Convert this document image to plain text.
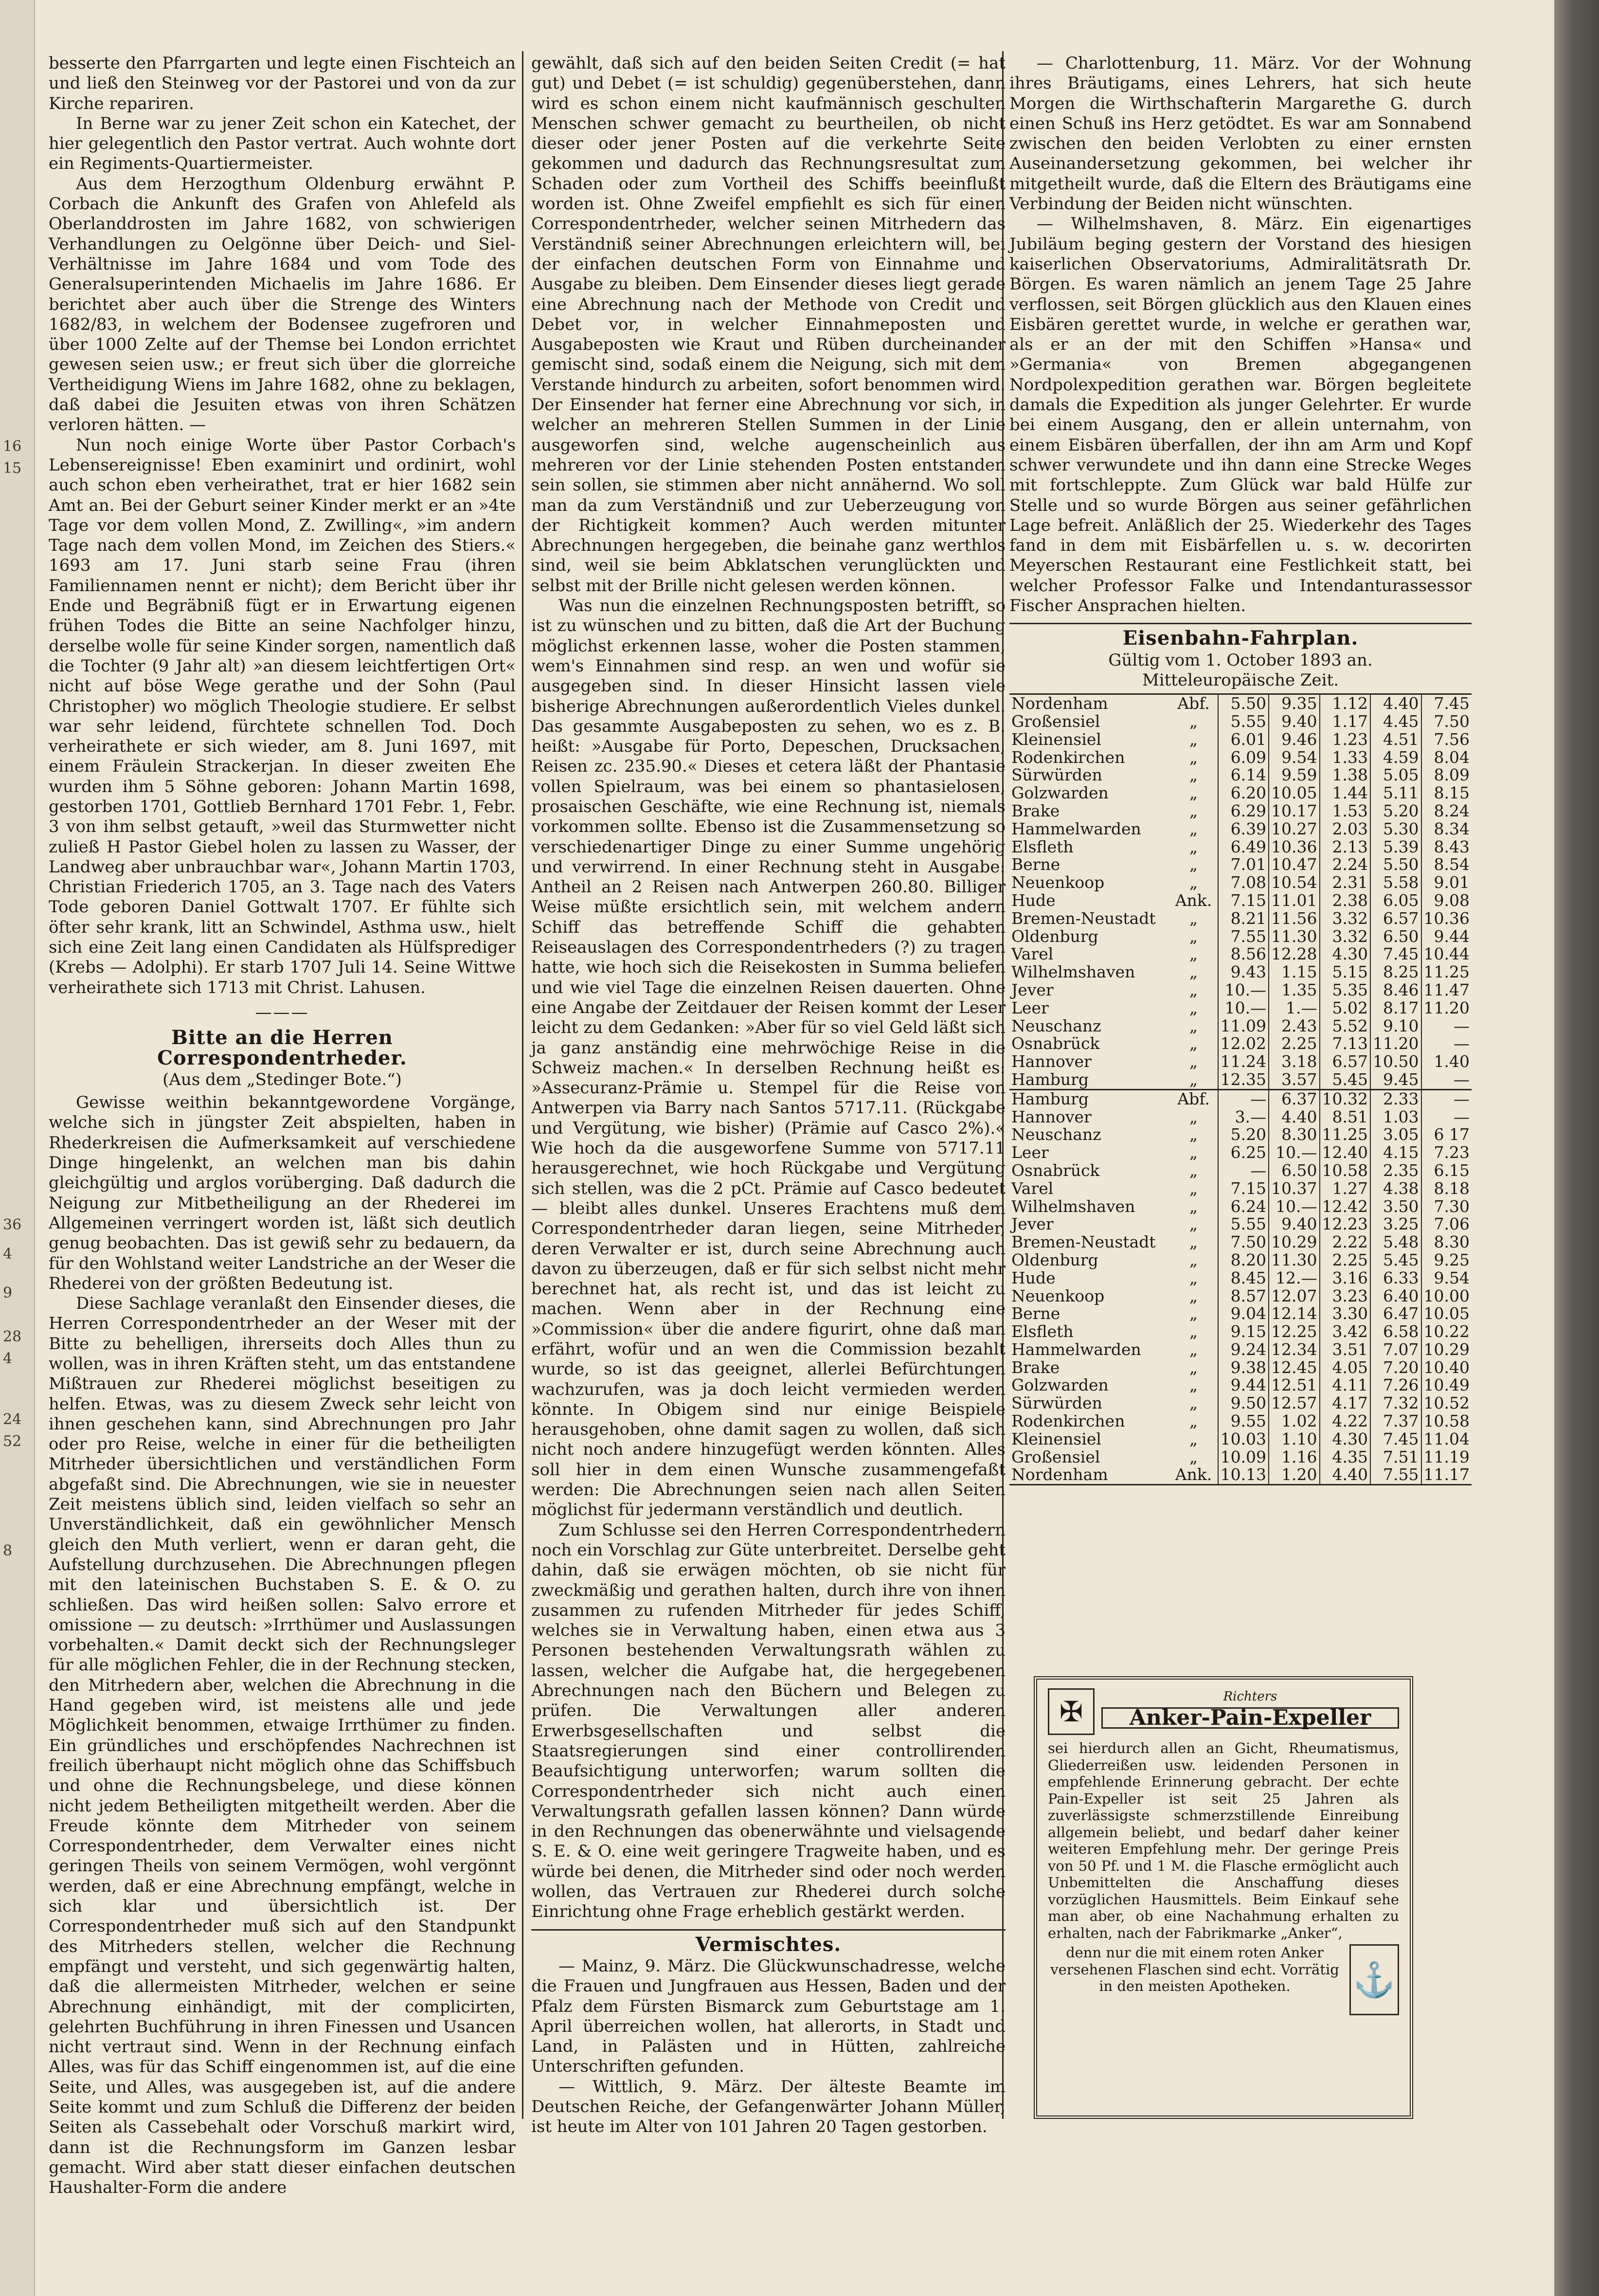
36
4
9
28
4
24
52
8
16
15

besserte den Pfarrgarten und legte einen Fischteich an und ließ den Steinweg vor der Pastorei und von da zur Kirche repariren.

In Berne war zu jener Zeit schon ein Katechet, der hier gelegentlich den Pastor vertrat. Auch wohnte dort ein Regiments-Quartiermeister.

Aus dem Herzogthum Oldenburg erwähnt P. Corbach die Ankunft des Grafen von Ahlefeld als Oberlanddrosten im Jahre 1682, von schwierigen Verhandlungen zu Oelgönne über Deich- und Siel-Verhältnisse im Jahre 1684 und vom Tode des Generalsuperintenden Michaelis im Jahre 1686. Er berichtet aber auch über die Strenge des Winters 1682/83, in welchem der Bodensee zugefroren und über 1000 Zelte auf der Themse bei London errichtet gewesen seien usw.; er freut sich über die glorreiche Vertheidigung Wiens im Jahre 1682, ohne zu beklagen, daß dabei die Jesuiten etwas von ihren Schätzen verloren hätten. —

Nun noch einige Worte über Pastor Corbach's Lebensereignisse! Eben examinirt und ordinirt, wohl auch schon eben verheirathet, trat er hier 1682 sein Amt an. Bei der Geburt seiner Kinder merkt er an »4te Tage vor dem vollen Mond, Z. Zwilling«, »im andern Tage nach dem vollen Mond, im Zeichen des Stiers.« 1693 am 17. Juni starb seine Frau (ihren Familiennamen nennt er nicht); dem Bericht über ihr Ende und Begräbniß fügt er in Erwartung eigenen frühen Todes die Bitte an seine Nachfolger hinzu, derselbe wolle für seine Kinder sorgen, namentlich daß die Tochter (9 Jahr alt) »an diesem leichtfertigen Ort« nicht auf böse Wege gerathe und der Sohn (Paul Christopher) wo möglich Theologie studiere. Er selbst war sehr leidend, fürchtete schnellen Tod. Doch verheirathete er sich wieder, am 8. Juni 1697, mit einem Fräulein Strackerjan. In dieser zweiten Ehe wurden ihm 5 Söhne geboren: Johann Martin 1698, gestorben 1701, Gottlieb Bernhard 1701 Febr. 1, Febr. 3 von ihm selbst getauft, »weil das Sturmwetter nicht zuließ H Pastor Giebel holen zu lassen zu Wasser, der Landweg aber unbrauchbar war«, Johann Martin 1703, Christian Friederich 1705, an 3. Tage nach des Vaters Tode geboren Daniel Gottwalt 1707. Er fühlte sich öfter sehr krank, litt an Schwindel, Asthma usw., hielt sich eine Zeit lang einen Candidaten als Hülfsprediger (Krebs — Adolphi). Er starb 1707 Juli 14. Seine Wittwe verheirathete sich 1713 mit Christ. Lahusen.

———
Bitte an die Herren Correspondentrheder.
(Aus dem „Stedinger Bote.“)

Gewisse weithin bekanntgewordene Vorgänge, welche sich in jüngster Zeit abspielten, haben in Rhederkreisen die Aufmerksamkeit auf verschiedene Dinge hingelenkt, an welchen man bis dahin gleichgültig und arglos vorüberging. Daß dadurch die Neigung zur Mitbetheiligung an der Rhederei im Allgemeinen verringert worden ist, läßt sich deutlich genug beobachten. Das ist gewiß sehr zu bedauern, da für den Wohlstand weiter Landstriche an der Weser die Rhederei von der größten Bedeutung ist.

Diese Sachlage veranlaßt den Einsender dieses, die Herren Correspondentrheder an der Weser mit der Bitte zu behelligen, ihrerseits doch Alles thun zu wollen, was in ihren Kräften steht, um das entstandene Mißtrauen zur Rhederei möglichst beseitigen zu helfen. Etwas, was zu diesem Zweck sehr leicht von ihnen geschehen kann, sind Abrechnungen pro Jahr oder pro Reise, welche in einer für die betheiligten Mitrheder übersichtlichen und verständlichen Form abgefaßt sind. Die Abrechnungen, wie sie in neuester Zeit meistens üblich sind, leiden vielfach so sehr an Unverständlichkeit, daß ein gewöhnlicher Mensch gleich den Muth verliert, wenn er daran geht, die Aufstellung durchzusehen. Die Abrechnungen pflegen mit den lateinischen Buchstaben S. E. & O. zu schließen. Das wird heißen sollen: Salvo errore et omissione — zu deutsch: »Irrthümer und Auslassungen vorbehalten.« Damit deckt sich der Rechnungsleger für alle möglichen Fehler, die in der Rechnung stecken, den Mitrhedern aber, welchen die Abrechnung in die Hand gegeben wird, ist meistens alle und jede Möglichkeit benommen, etwaige Irrthümer zu finden. Ein gründliches und erschöpfendes Nachrechnen ist freilich überhaupt nicht möglich ohne das Schiffsbuch und ohne die Rechnungsbelege, und diese können nicht jedem Betheiligten mitgetheilt werden. Aber die Freude könnte dem Mitrheder von seinem Correspondentrheder, dem Verwalter eines nicht geringen Theils von seinem Vermögen, wohl vergönnt werden, daß er eine Abrechnung empfängt, welche in sich klar und übersichtlich ist. Der Correspondentrheder muß sich auf den Standpunkt des Mitrheders stellen, welcher die Rechnung empfängt und versteht, und sich gegenwärtig halten, daß die allermeisten Mitrheder, welchen er seine Abrechnung einhändigt, mit der complicirten, gelehrten Buchführung in ihren Finessen und Usancen nicht vertraut sind. Wenn in der Rechnung einfach Alles, was für das Schiff eingenommen ist, auf die eine Seite, und Alles, was ausgegeben ist, auf die andere Seite kommt und zum Schluß die Differenz der beiden Seiten als Cassebehalt oder Vorschuß markirt wird, dann ist die Rechnungsform im Ganzen lesbar gemacht. Wird aber statt dieser einfachen deutschen Haushalter-Form die andere

gewählt, daß sich auf den beiden Seiten Credit (= hat gut) und Debet (= ist schuldig) gegenüberstehen, dann wird es schon einem nicht kaufmännisch geschulten Menschen schwer gemacht zu beurtheilen, ob nicht dieser oder jener Posten auf die verkehrte Seite gekommen und dadurch das Rechnungsresultat zum Schaden oder zum Vortheil des Schiffs beeinflußt worden ist. Ohne Zweifel empfiehlt es sich für einen Correspondentrheder, welcher seinen Mitrhedern das Verständniß seiner Abrechnungen erleichtern will, bei der einfachen deutschen Form von Einnahme und Ausgabe zu bleiben. Dem Einsender dieses liegt gerade eine Abrechnung nach der Methode von Credit und Debet vor, in welcher Einnahmeposten und Ausgabeposten wie Kraut und Rüben durcheinander gemischt sind, sodaß einem die Neigung, sich mit dem Verstande hindurch zu arbeiten, sofort benommen wird. Der Einsender hat ferner eine Abrechnung vor sich, in welcher an mehreren Stellen Summen in der Linie ausgeworfen sind, welche augenscheinlich aus mehreren vor der Linie stehenden Posten entstanden sein sollen, sie stimmen aber nicht annähernd. Wo soll man da zum Verständniß und zur Ueberzeugung von der Richtigkeit kommen? Auch werden mitunter Abrechnungen hergegeben, die beinahe ganz werthlos sind, weil sie beim Abklatschen verunglückten und selbst mit der Brille nicht gelesen werden können.

Was nun die einzelnen Rechnungsposten betrifft, so ist zu wünschen und zu bitten, daß die Art der Buchung möglichst erkennen lasse, woher die Posten stammen, wem's Einnahmen sind resp. an wen und wofür sie ausgegeben sind. In dieser Hinsicht lassen viele bisherige Abrechnungen außerordentlich Vieles dunkel. Das gesammte Ausgabeposten zu sehen, wo es z. B. heißt: »Ausgabe für Porto, Depeschen, Drucksachen, Reisen zc. 235.90.« Dieses et cetera läßt der Phantasie vollen Spielraum, was bei einem so phantasielosen, prosaischen Geschäfte, wie eine Rechnung ist, niemals vorkommen sollte. Ebenso ist die Zusammensetzung so verschiedenartiger Dinge zu einer Summe ungehörig und verwirrend. In einer Rechnung steht in Ausgabe: Antheil an 2 Reisen nach Antwerpen 260.80. Billiger Weise müßte ersichtlich sein, mit welchem andern Schiff das betreffende Schiff die gehabten Reiseauslagen des Correspondentrheders (?) zu tragen hatte, wie hoch sich die Reisekosten in Summa beliefen und wie viel Tage die einzelnen Reisen dauerten. Ohne eine Angabe der Zeitdauer der Reisen kommt der Leser leicht zu dem Gedanken: »Aber für so viel Geld läßt sich ja ganz anständig eine mehrwöchige Reise in die Schweiz machen.« In derselben Rechnung heißt es: »Assecuranz-Prämie u. Stempel für die Reise von Antwerpen via Barry nach Santos 5717.11. (Rückgabe und Vergütung, wie bisher) (Prämie auf Casco 2%).« Wie hoch da die ausgeworfene Summe von 5717.11 herausgerechnet, wie hoch Rückgabe und Vergütung sich stellen, was die 2 pCt. Prämie auf Casco bedeutet — bleibt alles dunkel. Unseres Erachtens muß dem Correspondentrheder daran liegen, seine Mitrheder, deren Verwalter er ist, durch seine Abrechnung auch davon zu überzeugen, daß er für sich selbst nicht mehr berechnet hat, als recht ist, und das ist leicht zu machen. Wenn aber in der Rechnung eine »Commission« über die andere figurirt, ohne daß man erfährt, wofür und an wen die Commission bezahlt wurde, so ist das geeignet, allerlei Befürchtungen wachzurufen, was ja doch leicht vermieden werden könnte. In Obigem sind nur einige Beispiele herausgehoben, ohne damit sagen zu wollen, daß sich nicht noch andere hinzugefügt werden könnten. Alles soll hier in dem einen Wunsche zusammengefaßt werden: Die Abrechnungen seien nach allen Seiten möglichst für jedermann verständlich und deutlich.

Zum Schlusse sei den Herren Correspondentrhedern noch ein Vorschlag zur Güte unterbreitet. Derselbe geht dahin, daß sie erwägen möchten, ob sie nicht für zweckmäßig und gerathen halten, durch ihre von ihnen zusammen zu rufenden Mitrheder für jedes Schiff, welches sie in Verwaltung haben, einen etwa aus 3 Personen bestehenden Verwaltungsrath wählen zu lassen, welcher die Aufgabe hat, die hergegebenen Abrechnungen nach den Büchern und Belegen zu prüfen. Die Verwaltungen aller anderen Erwerbsgesellschaften und selbst die Staatsregierungen sind einer controllirenden Beaufsichtigung unterworfen; warum sollten die Correspondentrheder sich nicht auch einen Verwaltungsrath gefallen lassen können? Dann würde in den Rechnungen das obenerwähnte und vielsagende S. E. & O. eine weit geringere Tragweite haben, und es würde bei denen, die Mitrheder sind oder noch werden wollen, das Vertrauen zur Rhederei durch solche Einrichtung ohne Frage erheblich gestärkt werden.

Vermischtes.

— Mainz, 9. März. Die Glückwunschadresse, welche die Frauen und Jungfrauen aus Hessen, Baden und der Pfalz dem Fürsten Bismarck zum Geburtstage am 1. April überreichen wollen, hat allerorts, in Stadt und Land, in Palästen und in Hütten, zahlreiche Unterschriften gefunden.

— Wittlich, 9. März. Der älteste Beamte im Deutschen Reiche, der Gefangenwärter Johann Müller, ist heute im Alter von 101 Jahren 20 Tagen gestorben.

— Charlottenburg, 11. März. Vor der Wohnung ihres Bräutigams, eines Lehrers, hat sich heute Morgen die Wirthschafterin Margarethe G. durch einen Schuß ins Herz getödtet. Es war am Sonnabend zwischen den beiden Verlobten zu einer ernsten Auseinandersetzung gekommen, bei welcher ihr mitgetheilt wurde, daß die Eltern des Bräutigams eine Verbindung der Beiden nicht wünschten.

— Wilhelmshaven, 8. März. Ein eigenartiges Jubiläum beging gestern der Vorstand des hiesigen kaiserlichen Observatoriums, Admiralitätsrath Dr. Börgen. Es waren nämlich an jenem Tage 25 Jahre verflossen, seit Börgen glücklich aus den Klauen eines Eisbären gerettet wurde, in welche er gerathen war, als er an der mit den Schiffen »Hansa« und »Germania« von Bremen abgegangenen Nordpolexpedition gerathen war. Börgen begleitete damals die Expedition als junger Gelehrter. Er wurde bei einem Ausgang, den er allein unternahm, von einem Eisbären überfallen, der ihn am Arm und Kopf schwer verwundete und ihn dann eine Strecke Weges mit fortschleppte. Zum Glück war bald Hülfe zur Stelle und so wurde Börgen aus seiner gefährlichen Lage befreit. Anläßlich der 25. Wiederkehr des Tages fand in dem mit Eisbärfellen u. s. w. decorirten Meyerschen Restaurant eine Festlichkeit statt, bei welcher Professor Falke und Intendanturassessor Fischer Ansprachen hielten.

Eisenbahn-Fahrplan.
Gültig vom 1. October 1893 an.
Mitteleuropäische Zeit.
Nordenham	Abf.	5.50	9.35	1.12	4.40	7.45
Großensiel	„	5.55	9.40	1.17	4.45	7.50
Kleinensiel	„	6.01	9.46	1.23	4.51	7.56
Rodenkirchen	„	6.09	9.54	1.33	4.59	8.04
Sürwürden	„	6.14	9.59	1.38	5.05	8.09
Golzwarden	„	6.20	10.05	1.44	5.11	8.15
Brake	„	6.29	10.17	1.53	5.20	8.24
Hammelwarden	„	6.39	10.27	2.03	5.30	8.34
Elsfleth	„	6.49	10.36	2.13	5.39	8.43
Berne	„	7.01	10.47	2.24	5.50	8.54
Neuenkoop	„	7.08	10.54	2.31	5.58	9.01
Hude	Ank.	7.15	11.01	2.38	6.05	9.08
Bremen-Neustadt	„	8.21	11.56	3.32	6.57	10.36
Oldenburg	„	7.55	11.30	3.32	6.50	9.44
Varel	„	8.56	12.28	4.30	7.45	10.44
Wilhelmshaven	„	9.43	1.15	5.15	8.25	11.25
Jever	„	10.—	1.35	5.35	8.46	11.47
Leer	„	10.—	1.—	5.02	8.17	11.20
Neuschanz	„	11.09	2.43	5.52	9.10	—
Osnabrück	„	12.02	2.25	7.13	11.20	—
Hannover	„	11.24	3.18	6.57	10.50	1.40
Hamburg	„	12.35	3.57	5.45	9.45	—
Hamburg	Abf.	—	6.37	10.32	2.33	—
Hannover	„	3.—	4.40	8.51	1.03	—
Neuschanz	„	5.20	8.30	11.25	3.05	6 17
Leer	„	6.25	10.—	12.40	4.15	7.23
Osnabrück	„	—	6.50	10.58	2.35	6.15
Varel	„	7.15	10.37	1.27	4.38	8.18
Wilhelmshaven	„	6.24	10.—	12.42	3.50	7.30
Jever	„	5.55	9.40	12.23	3.25	7.06
Bremen-Neustadt	„	7.50	10.29	2.22	5.48	8.30
Oldenburg	„	8.20	11.30	2.25	5.45	9.25
Hude	„	8.45	12.—	3.16	6.33	9.54
Neuenkoop	„	8.57	12.07	3.23	6.40	10.00
Berne	„	9.04	12.14	3.30	6.47	10.05
Elsfleth	„	9.15	12.25	3.42	6.58	10.22
Hammelwarden	„	9.24	12.34	3.51	7.07	10.29
Brake	„	9.38	12.45	4.05	7.20	10.40
Golzwarden	„	9.44	12.51	4.11	7.26	10.49
Sürwürden	„	9.50	12.57	4.17	7.32	10.52
Rodenkirchen	„	9.55	1.02	4.22	7.37	10.58
Kleinensiel	„	10.03	1.10	4.30	7.45	11.04
Großensiel	„	10.09	1.16	4.35	7.51	11.19
Nordenham	Ank.	10.13	1.20	4.40	7.55	11.17
✠	Richters
Anker-Pain-Expeller
sei hierdurch allen an Gicht, Rheumatismus, Gliederreißen usw. leidenden Personen in empfehlende Erinnerung gebracht. Der echte Pain-Expeller ist seit 25 Jahren als zuverlässigste schmerzstillende Einreibung allgemein beliebt, und bedarf daher keiner weiteren Empfehlung mehr. Der geringe Preis von 50 Pf. und 1 M. die Flasche ermöglicht auch Unbemittelten die Anschaffung dieses vorzüglichen Hausmittels. Beim Einkauf sehe man aber, ob eine Nachahmung erhalten zu erhalten, nach der Fabrikmarke „Anker“,
denn nur die mit einem roten Anker versehenen Flaschen sind echt. Vorrätig in den meisten Apotheken.	⚓
